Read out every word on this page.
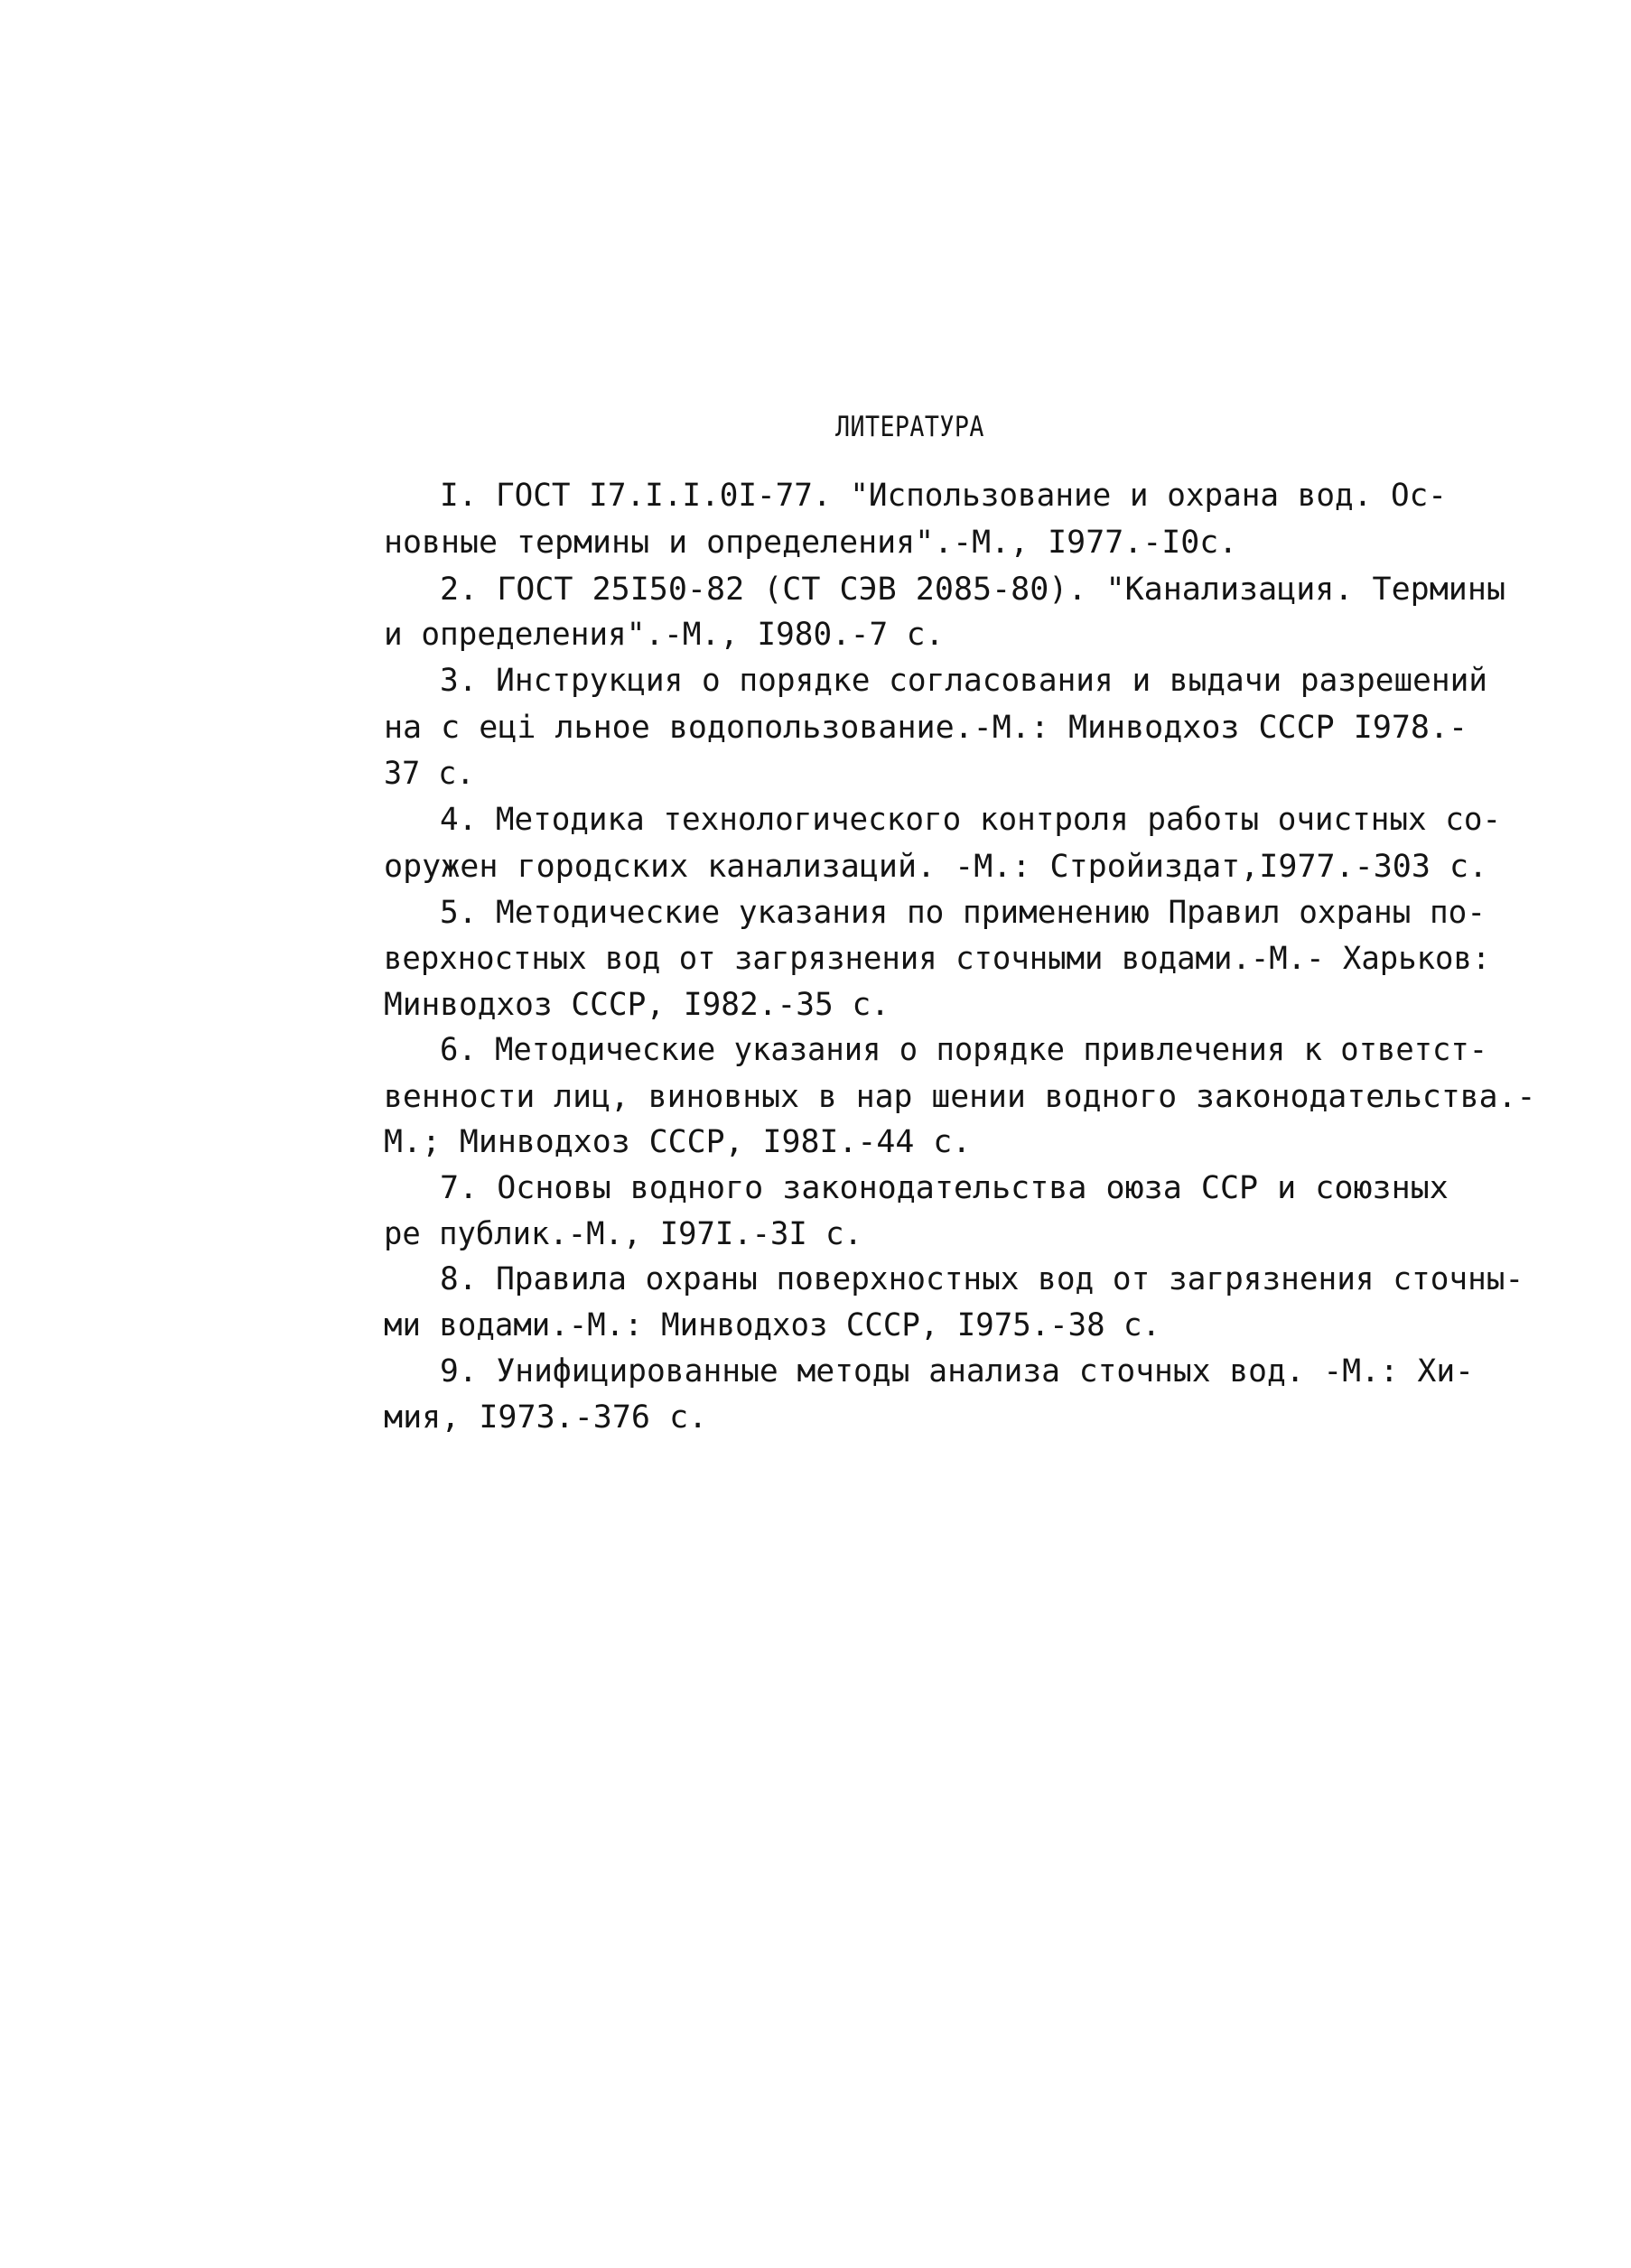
ЛИТЕРАТУРА
I. ГОСТ I7.I.I.0I-77. "Использование и охрана вод. Ос-
новные термины и определения".-М., I977.-I0с.
2. ГОСТ 25I50-82 (СТ СЭВ 2085-80). "Канализация. Термины
и определения".-М., I980.-7 с.
3. Инструкция о порядке согласования и выдачи разрешений
на с еці льное водопользование.-М.: Минводхоз СССР I978.-
37 с.
4. Методика технологического контроля работы очистных со-
оружен городских канализаций. -М.: Стройиздат,I977.-303 с.
5. Методические указания по применению Правил охраны по-
верхностных вод от загрязнения сточными водами.-М.- Харьков:
Минводхоз СССР, I982.-35 с.
6. Методические указания о порядке привлечения к ответст-
венности лиц, виновных в нар шении водного законодательства.-
М.; Минводхоз СССР, I98I.-44 с.
7. Основы водного законодательства оюза ССР и союзных
ре публик.-М., I97I.-3I с.
8. Правила охраны поверхностных вод от загрязнения сточны-
ми водами.-М.: Минводхоз СССР, I975.-38 с.
9. Унифицированные методы анализа сточных вод. -М.: Хи-
мия, I973.-376 с.
